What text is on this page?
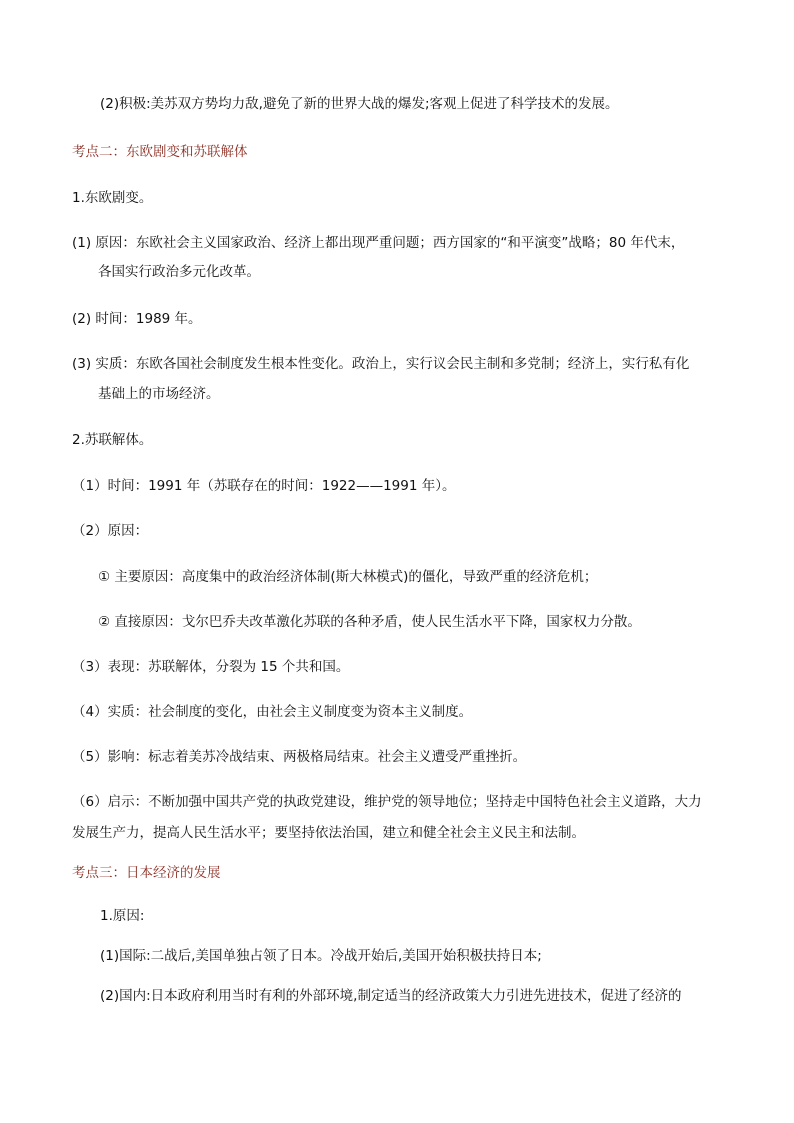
(2)积极:美苏双方势均力敌,避免了新的世界大战的爆发;客观上促进了科学技术的发展。
考点二：东欧剧变和苏联解体
1.东欧剧变。
(1) 原因：东欧社会主义国家政治、经济上都出现严重问题；西方国家的“和平演变”战略；80 年代末，
各国实行政治多元化改革。
(2) 时间：1989 年。
(3) 实质：东欧各国社会制度发生根本性变化。政治上，实行议会民主制和多党制；经济上，实行私有化
基础上的市场经济。
2.苏联解体。
（1）时间：1991 年（苏联存在的时间：1922——1991 年）。
（2）原因：
① 主要原因：高度集中的政治经济体制(斯大林模式)的僵化，导致严重的经济危机；
② 直接原因：戈尔巴乔夫改革激化苏联的各种矛盾，使人民生活水平下降，国家权力分散。
（3）表现：苏联解体，分裂为 15 个共和国。
（4）实质：社会制度的变化，由社会主义制度变为资本主义制度。
（5）影响：标志着美苏冷战结束、两极格局结束。社会主义遭受严重挫折。
（6）启示：不断加强中国共产党的执政党建设，维护党的领导地位；坚持走中国特色社会主义道路，大力
发展生产力，提高人民生活水平；要坚持依法治国，建立和健全社会主义民主和法制。
考点三：日本经济的发展
1.原因:
(1)国际:二战后,美国单独占领了日本。冷战开始后,美国开始积极扶持日本;
(2)国内:日本政府利用当时有利的外部环境,制定适当的经济政策大力引进先进技术，促进了经济的
